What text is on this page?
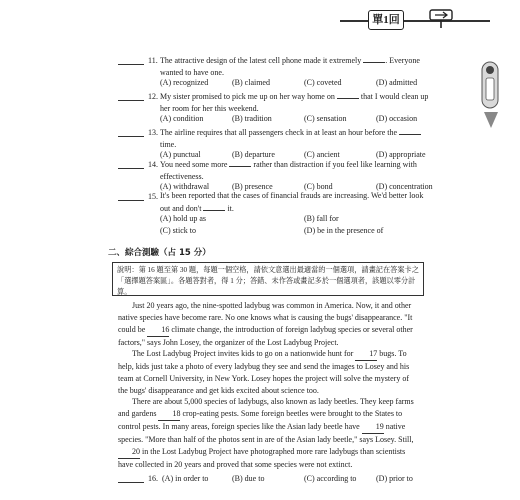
單1回
11. The attractive design of the latest cell phone made it extremely	. Everyone
wanted to have one.
(A) recognized	(B) claimed	(C) coveted	(D) admitted
12. My sister promised to pick me up on her way home on	that I would clean up
her room for her this weekend.
(A) condition	(B) tradition	(C) sensation	(D) occasion
13. The airline requires that all passengers check in at least an hour before the
time.
(A) punctual	(B) departure	(C) ancient	(D) appropriate
14. You need some more	rather than distraction if you feel like learning with
effectiveness.
(A) withdrawal	(B) presence	(C) bond	(D) concentration
15. It's been reported that the cases of financial frauds are increasing. We'd better look
out and don't	it.
(A) hold up as	(B) fall for
(C) stick to	(D) be in the presence of
二、綜合測驗（占 15 分）
說明：第 16 題至第 30 題，每題一個空格，請依文意選出最適當的一個選項，請畫記在答案卡之「選擇題答案區」。各題答對者，得 1 分；答錯、未作答或畫記多於一個選項者，該題以零分計算。
Just 20 years ago, the nine-spotted ladybug was common in America. Now, it and other native species have become rare. No one knows what is causing the bugs' disappearance. "It could be 16 climate change, the introduction of foreign ladybug species or several other factors," says John Losey, the organizer of the Lost Ladybug Project.
The Lost Ladybug Project invites kids to go on a nationwide hunt for 17 bugs. To help, kids just take a photo of every ladybug they see and send the images to Losey and his team at Cornell University, in New York. Losey hopes the project will solve the mystery of the bugs' disappearance and get kids excited about science too.
There are about 5,000 species of ladybugs, also known as lady beetles. They keep farms and gardens 18 crop-eating pests. Some foreign beetles were brought to the States to control pests. In many areas, foreign species like the Asian lady beetle have 19 native species. "More than half of the photos sent in are of the Asian lady beetle," says Losey. Still, 20 in the Lost Ladybug Project have photographed more rare ladybugs than scientists have collected in 20 years and proved that some species were not extinct.
16. (A) in order to	(B) due to	(C) according to (D) prior to
